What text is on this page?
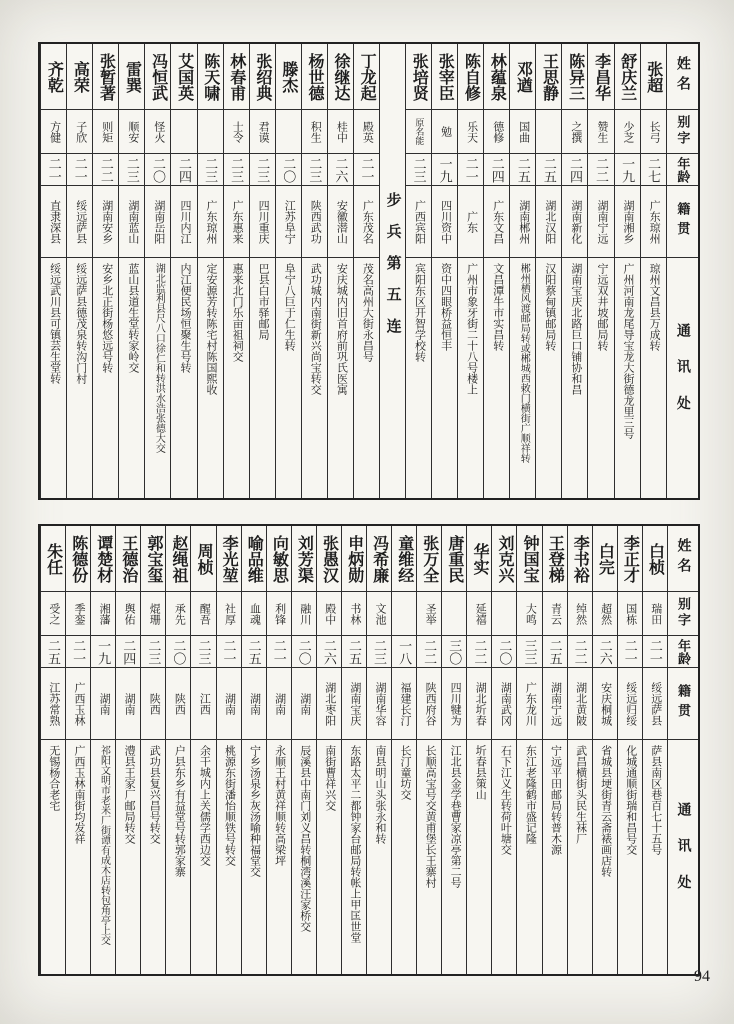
姓名
别字
年龄
籍贯
通讯处
张超
长弓
二七
广东琼州
琼州文昌县万成转
舒庆兰
少芝
一九
湖南湘乡
广州河南龙尾导宝龙大街德龙里三号
李昌华
赞生
二二
湖南宁远
宁远双井坡邮局转
陈异三
之撰
二四
湖南新化
湖南宝庆北路巨口铺协和昌
王思静
二五
湖北汉阳
汉阳蔡甸镇邮局转
邓遒
国曲
二五
湖南郴州
郴州栖风渡邮局转或郴城西敕门横街广顺祥转
林蕴泉
德修
二四
广东文昌
文昌潭牛市实昌转
陈自修
乐天
二一
广东
广州市象牙街二十八号楼上
张宰臣
勉
一九
四川资中
资中四眼桥益恒丰
张培贤
原名能
二三
广西宾阳
宾阳东区开智学校转
步兵第五连
丁龙起
殿英
二一
广东茂名
茂名高州大街永昌号
徐继达
桂中
二六
安徽潜山
安庆城内旧首府前巩氏医寓
杨世德
积生
二三
陕西武功
武功城内南街新兴尚宝转交
滕杰
二〇
江苏阜宁
阜宁八巨于仁生转
张绍典
君谟
二三
四川重庆
巴县白市驿邮局
林春甫
士令
二三
广东惠来
惠来北门乐亩祖祠交
陈天啸
二三
广东琼州
定安源芳转陈宅村陈国熙收
艾国英
二四
四川内江
内江便民场恒聚生号转
冯恒武
怪火
二〇
湖南岳阳
湖北监利县尺八口徐仁和转洪水浩张德大交
雷巽
顺安
二三
湖南蓝山
蓝山县道生堂转家岭交
张暂著
则矩
二二
湖南安乡
安乡北正街杨悠远号转
高荣
子欣
二一
绥远萨县
绥远萨县德茂泉转沟门村
齐乾
方健
二一
直隶深县
绥远武川县可镇芸生堂转
姓名
别字
年龄
籍贯
通讯处
白桢
瑞田
二一
绥远萨县
萨县南区巷百七十五号
李正才
国栋
二一
绥远归绥
化城通顺街瑞和昌号交
白完
超然
二六
安庆桐城
省城县埂街青云斋裱画店转
李书裕
绰然
二二
湖北黄陂
武昌横街头民生袜厂
王登梯
青云
二五
湖南宁远
宁远平田邮局转普木源
钟国宝
大鸣
三三
广东龙川
东江老隆鹤市盛记隆
刘克兴
二〇
湖南武冈
石下江义生转荷叶塘交
华实
延禧
二二
湖北圻春
圻春县策山
唐重民
三〇
四川犍为
江北县金学巷曹家凉亭第二号
张万全
圣举
二二
陕西府谷
长顺高宝号交黄甫堡长王寨村
童维经
一八
福建长汀
长汀童坊交
冯希廉
文池
二三
湖南华容
南县明山头张永和转
申炳勋
书林
二五
湖南宝庆
东路太平二都钟家台邮局转帐上甲匡世堂
张愚汉
殿中
二六
湖北枣阳
南街曹祥兴交
刘芳渠
融川
二〇
湖南
辰溪县中南门刘义昌转桐湾溪汪家桥交
向敏思
利锋
二一
湖南
永顺王村黄祥顺转高梁坪
喻品维
血魂
二五
湖南
宁乡汤泉乡灰汤喻种福堂交
李光堃
社厚
二一
湖南
桃源东街潘怡顺铁号转交
周桢
醒吾
二三
江西
余干城内上关儒学西边交
赵绳祖
承先
二〇
陕西
户县东乡有益堂号转郭家寨
郭宝玺
焜珊
二三
陕西
武功县复兴昌号转交
王德治
舆佑
二四
湖南
澧县王家厂邮局转交
谭楚材
湘藩
一九
湖南
祁阳文明市老米厂街谭有成木店转包角亭上交
陈德份
季銮
二一
广西玉林
广西玉林南街均发祥
朱任
受之
二五
江苏常熟
无锡杨合老宅
94
